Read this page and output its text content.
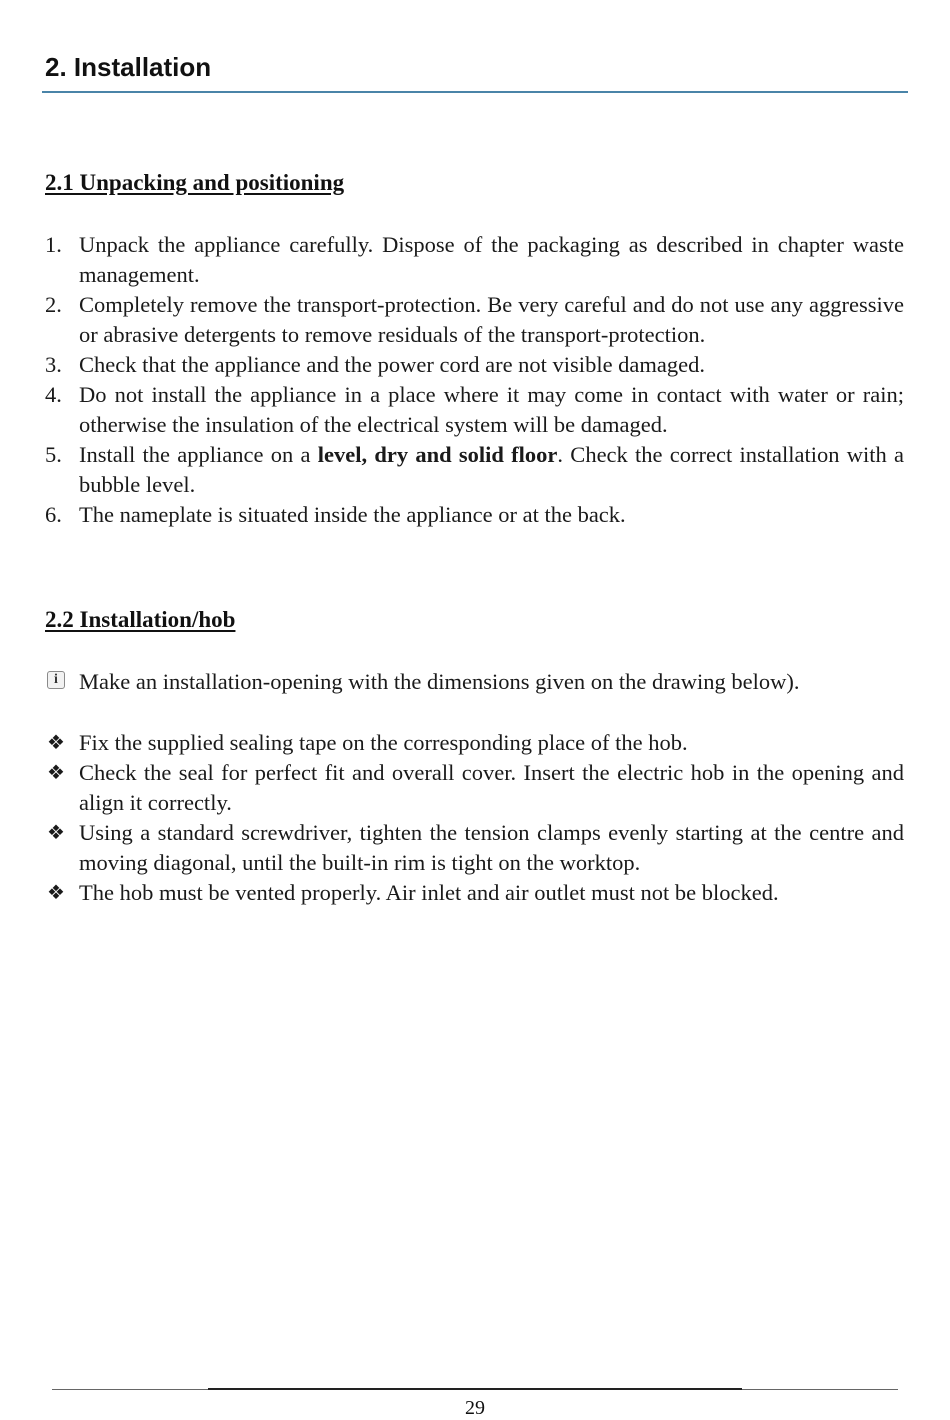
2. Installation
2.1 Unpacking and positioning
1. Unpack the appliance carefully. Dispose of the packaging as described in chapter waste management.
2. Completely remove the transport-protection. Be very careful and do not use any aggressive or abrasive detergents to remove residuals of the transport-protection.
3. Check that the appliance and the power cord are not visible damaged.
4. Do not install the appliance in a place where it may come in contact with water or rain; otherwise the insulation of the electrical system will be damaged.
5. Install the appliance on a level, dry and solid floor. Check the correct installation with a bubble level.
6. The nameplate is situated inside the appliance or at the back.
2.2 Installation/hob
i Make an installation-opening with the dimensions given on the drawing below).
❖ Fix the supplied sealing tape on the corresponding place of the hob.
❖ Check the seal for perfect fit and overall cover. Insert the electric hob in the opening and align it correctly.
❖ Using a standard screwdriver, tighten the tension clamps evenly starting at the centre and moving diagonal, until the built-in rim is tight on the worktop.
❖ The hob must be vented properly. Air inlet and air outlet must not be blocked.
29
